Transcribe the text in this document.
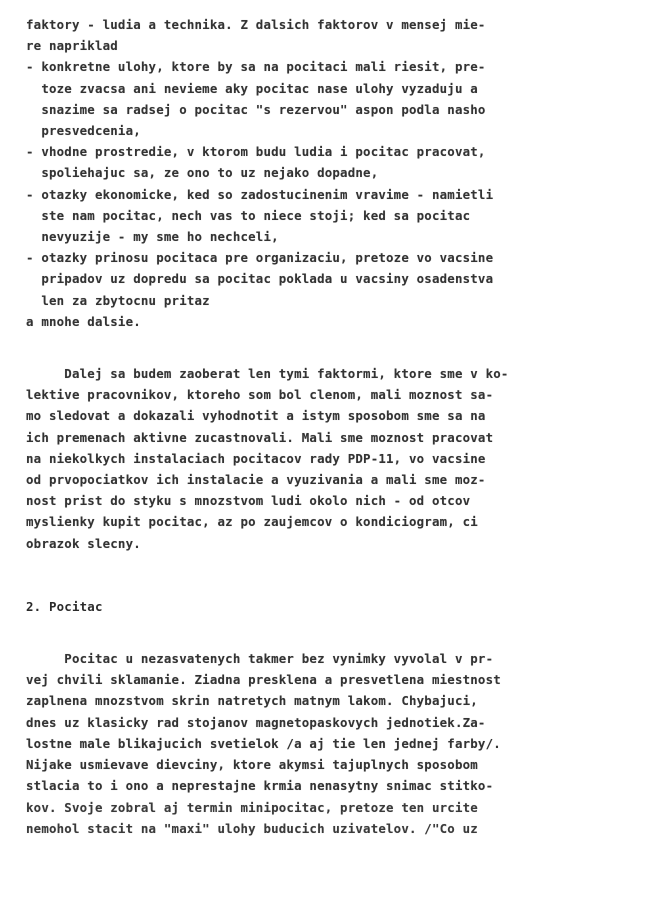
faktory - ludia a technika. Z dalsich faktorov v mensej mie-
re napriklad
- konkretne ulohy, ktore by sa na pocitaci mali riesit, pre-
toze zvacsa ani nevieme aky pocitac nase ulohy vyzaduju a
snazime sa radsej o pocitac "s rezervou" aspon podla nasho
presvedcenia,
- vhodne prostredie, v ktorom budu ludia i pocitac pracovat,
spoliehajuc sa, ze ono to uz nejako dopadne,
- otazky ekonomicke, ked so zadostucinenim vravime - namietli
ste nam pocitac, nech vas to niece stoji; ked sa pocitac
nevyuzije - my sme ho nechceli,
- otazky prinosu pocitaca pre organizaciu, pretoze vo vacsine
pripadov uz dopredu sa pocitac poklada u vacsiny osadenstva
len za zbytocnu pritaz
a mnohe dalsie.
Dalej sa budem zaoberat len tymi faktormi, ktore sme v ko-
lektive pracovnikov, ktoreho som bol clenom, mali moznost sa-
mo sledovat a dokazali vyhodnotit a istym sposobom sme sa na
ich premenach aktivne zucastnovali. Mali sme moznost pracovat
na niekolkych instalaciach pocitacov rady PDP-11, vo vacsine
od prvopociatkov ich instalacie a vyuzivania a mali sme moz-
nost prist do styku s mnozstvom ludi okolo nich - od otcov
myslienky kupit pocitac, az po zaujemcov o kondiciogram, ci
obrazok slecny.
2. Pocitac
Pocitac u nezasvatenych takmer bez vynimky vyvolal v pr-
vej chvili sklamanie. Ziadna presklena a presvetlena miestnost
zaplnena mnozstvom skrin natretych matnym lakom. Chybajuci,
dnes uz klasicky rad stojanov magnetopaskovych jednotiek.Za-
lostne male blikajucich svetielok /a aj tie len jednej farby/.
Nijake usmievave dievciny, ktore akymsi tajuplnych sposobom
stlacia to i ono a neprestajne krmia nenasytny snimac stitko-
kov. Svoje zobral aj termin minipocitac, pretoze ten urcite
nemohol stacit na "maxi" ulohy buducich uzivatelov. /"Co uz
